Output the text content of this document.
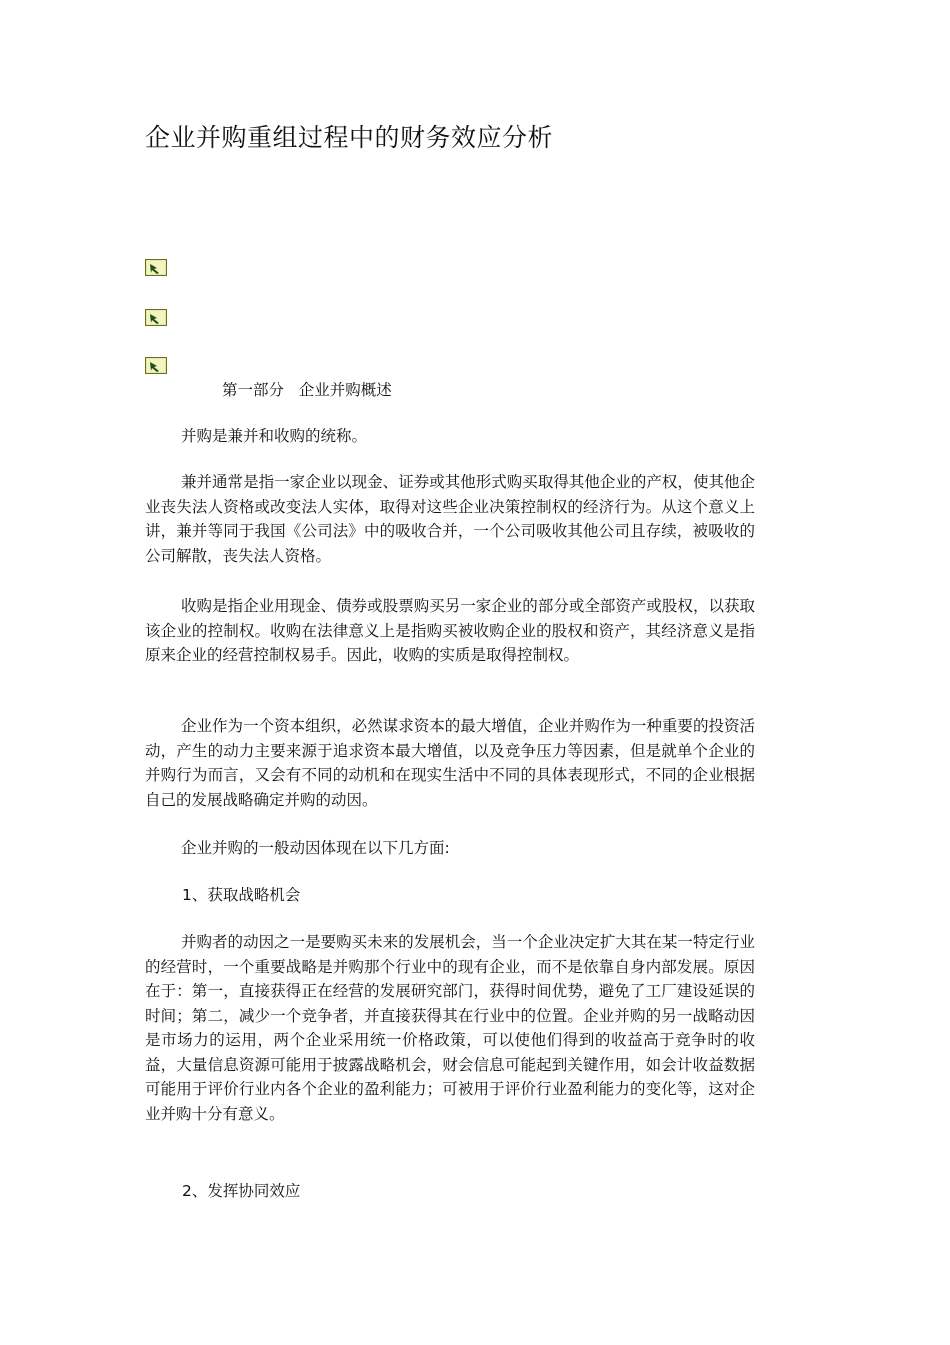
企业并购重组过程中的财务效应分析
第一部分   企业并购概述
并购是兼并和收购的统称。
兼并通常是指一家企业以现金、证券或其他形式购买取得其他企业的产权，使其他企业丧失法人资格或改变法人实体，取得对这些企业决策控制权的经济行为。从这个意义上讲，兼并等同于我国《公司法》中的吸收合并，一个公司吸收其他公司且存续，被吸收的公司解散，丧失法人资格。
收购是指企业用现金、债券或股票购买另一家企业的部分或全部资产或股权，以获取该企业的控制权。收购在法律意义上是指购买被收购企业的股权和资产，其经济意义是指原来企业的经营控制权易手。因此，收购的实质是取得控制权。
企业作为一个资本组织，必然谋求资本的最大增值，企业并购作为一种重要的投资活动，产生的动力主要来源于追求资本最大增值，以及竞争压力等因素，但是就单个企业的并购行为而言，又会有不同的动机和在现实生活中不同的具体表现形式，不同的企业根据自己的发展战略确定并购的动因。
企业并购的一般动因体现在以下几方面:
1、获取战略机会
并购者的动因之一是要购买未来的发展机会，当一个企业决定扩大其在某一特定行业的经营时，一个重要战略是并购那个行业中的现有企业，而不是依靠自身内部发展。原因在于：第一，直接获得正在经营的发展研究部门，获得时间优势，避免了工厂建设延误的时间；第二，减少一个竞争者，并直接获得其在行业中的位置。企业并购的另一战略动因是市场力的运用，两个企业采用统一价格政策，可以使他们得到的收益高于竞争时的收益，大量信息资源可能用于披露战略机会，财会信息可能起到关键作用，如会计收益数据可能用于评价行业内各个企业的盈利能力；可被用于评价行业盈利能力的变化等，这对企业并购十分有意义。
2、发挥协同效应
